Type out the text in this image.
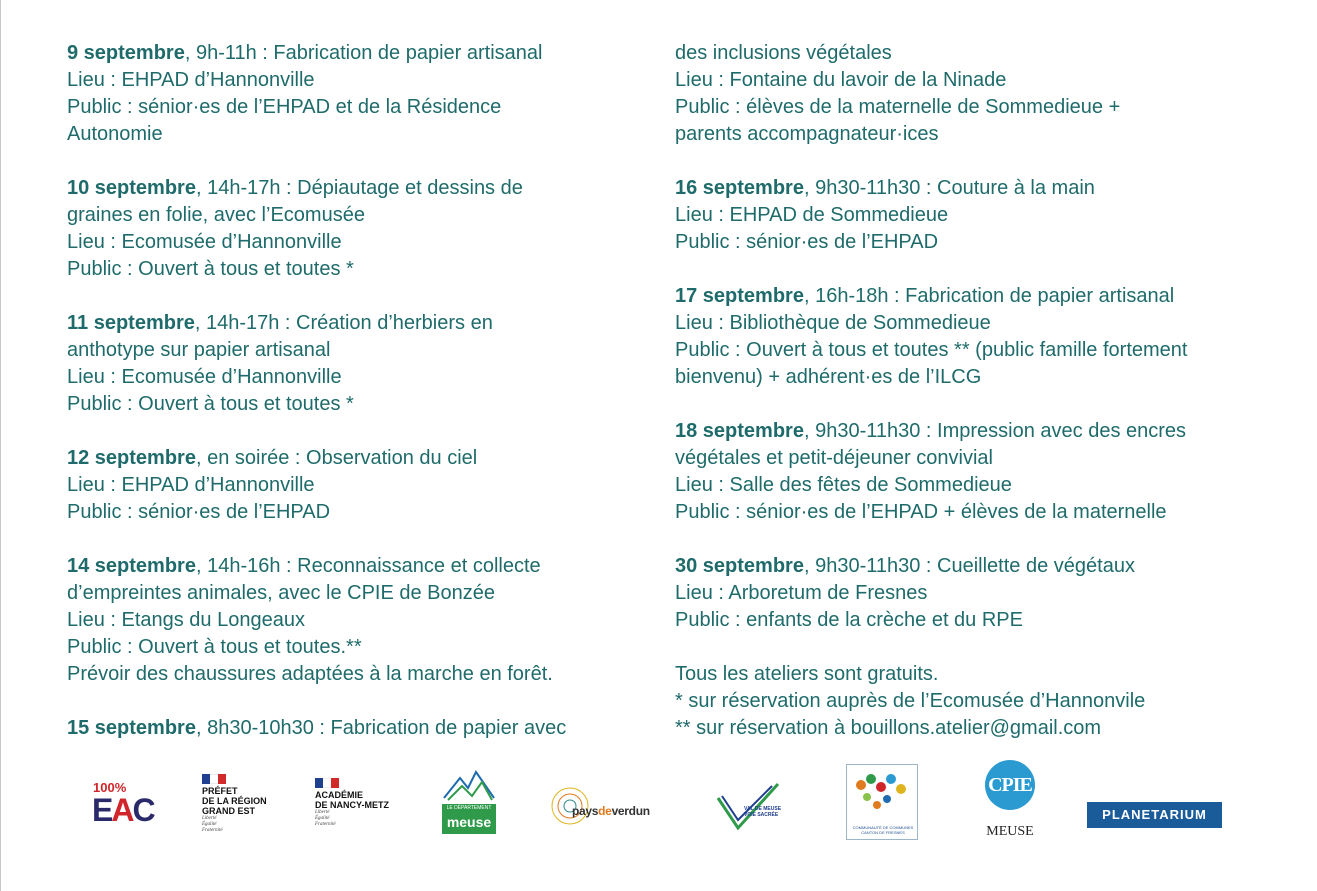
9 septembre, 9h-11h : Fabrication de papier artisanal
Lieu : EHPAD d’Hannonville
Public : sénior·es de l’EHPAD et de la Résidence
Autonomie
10 septembre, 14h-17h : Dépiautage et dessins de
graines en folie, avec l’Ecomusée
Lieu : Ecomusée d’Hannonville
Public : Ouvert à tous et toutes *
11 septembre, 14h-17h : Création d’herbiers en
anthotype sur papier artisanal
Lieu : Ecomusée d’Hannonville
Public : Ouvert à tous et toutes *
12 septembre, en soirée : Observation du ciel
Lieu : EHPAD d’Hannonville
Public : sénior·es de l’EHPAD
14 septembre, 14h-16h : Reconnaissance et collecte
d’empreintes animales, avec le CPIE de Bonzée
Lieu : Etangs du Longeaux
Public : Ouvert à tous et toutes.**
Prévoir des chaussures adaptées à la marche en forêt.
15 septembre, 8h30-10h30 : Fabrication de papier avec
des inclusions végétales
Lieu : Fontaine du lavoir de la Ninade
Public : élèves de la maternelle de Sommedieue +
parents accompagnateur·ices
16 septembre, 9h30-11h30 : Couture à la main
Lieu : EHPAD de Sommedieue
Public : sénior·es de l’EHPAD
17 septembre, 16h-18h : Fabrication de papier artisanal
Lieu : Bibliothèque de Sommedieue
Public : Ouvert à tous et toutes ** (public famille fortement
bienvenu) + adhérent·es de l’ILCG
18 septembre, 9h30-11h30 : Impression avec des encres
végétales et petit-déjeuner convivial
Lieu : Salle des fêtes de Sommedieue
Public : sénior·es de l’EHPAD + élèves de la maternelle
30 septembre, 9h30-11h30 : Cueillette de végétaux
Lieu : Arboretum de Fresnes
Public : enfants de la crèche et du RPE
Tous les ateliers sont gratuits.
* sur réservation auprès de l’Ecomusée d’Hannonvile
** sur réservation à bouillons.atelier@gmail.com
100%
EAC
PRÉFET
DE LA RÉGION
GRAND EST
Liberté
Égalité
Fraternité
ACADÉMIE
DE NANCY-METZ
Liberté
Égalité
Fraternité
LE DÉPARTEMENT
meuse
paysdeverdun	VAL DE MEUSE
VOIE SACRÉE
COMMUNAUTÉ DE COMMUNES
CANTON DE FRESNES
CPIE
MEUSE
PLANETARIUM
